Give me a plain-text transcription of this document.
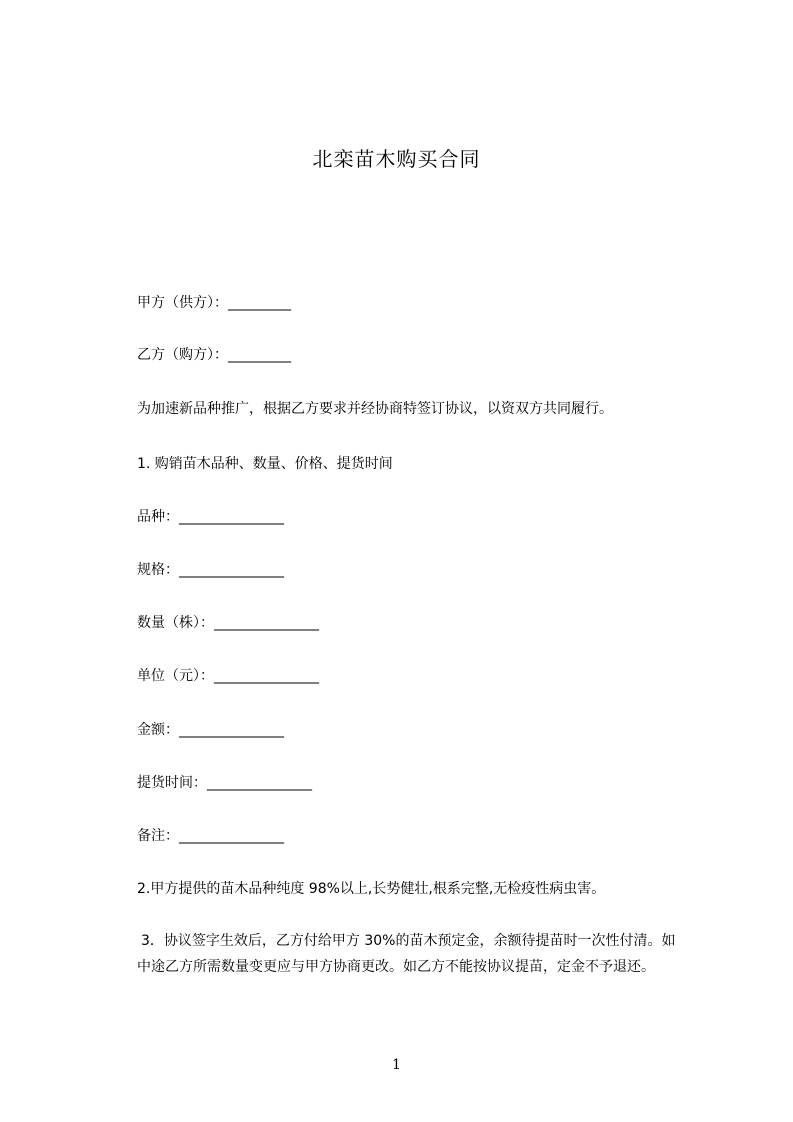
北栾苗木购买合同
甲方（供方）：_________
乙方（购方）：_________
为加速新品种推广，根据乙方要求并经协商特签订协议，以资双方共同履行。
1. 购销苗木品种、数量、价格、提货时间
品种：_______________
规格：_______________
数量（株）：_______________
单位（元）：_______________
金额：_______________
提货时间：_______________
备注：_______________
2.甲方提供的苗木品种纯度 98%以上,长势健壮,根系完整,无检疫性病虫害。
3．协议签字生效后，乙方付给甲方 30%的苗木预定金，余额待提苗时一次性付清。如中途乙方所需数量变更应与甲方协商更改。如乙方不能按协议提苗，定金不予退还。
1
